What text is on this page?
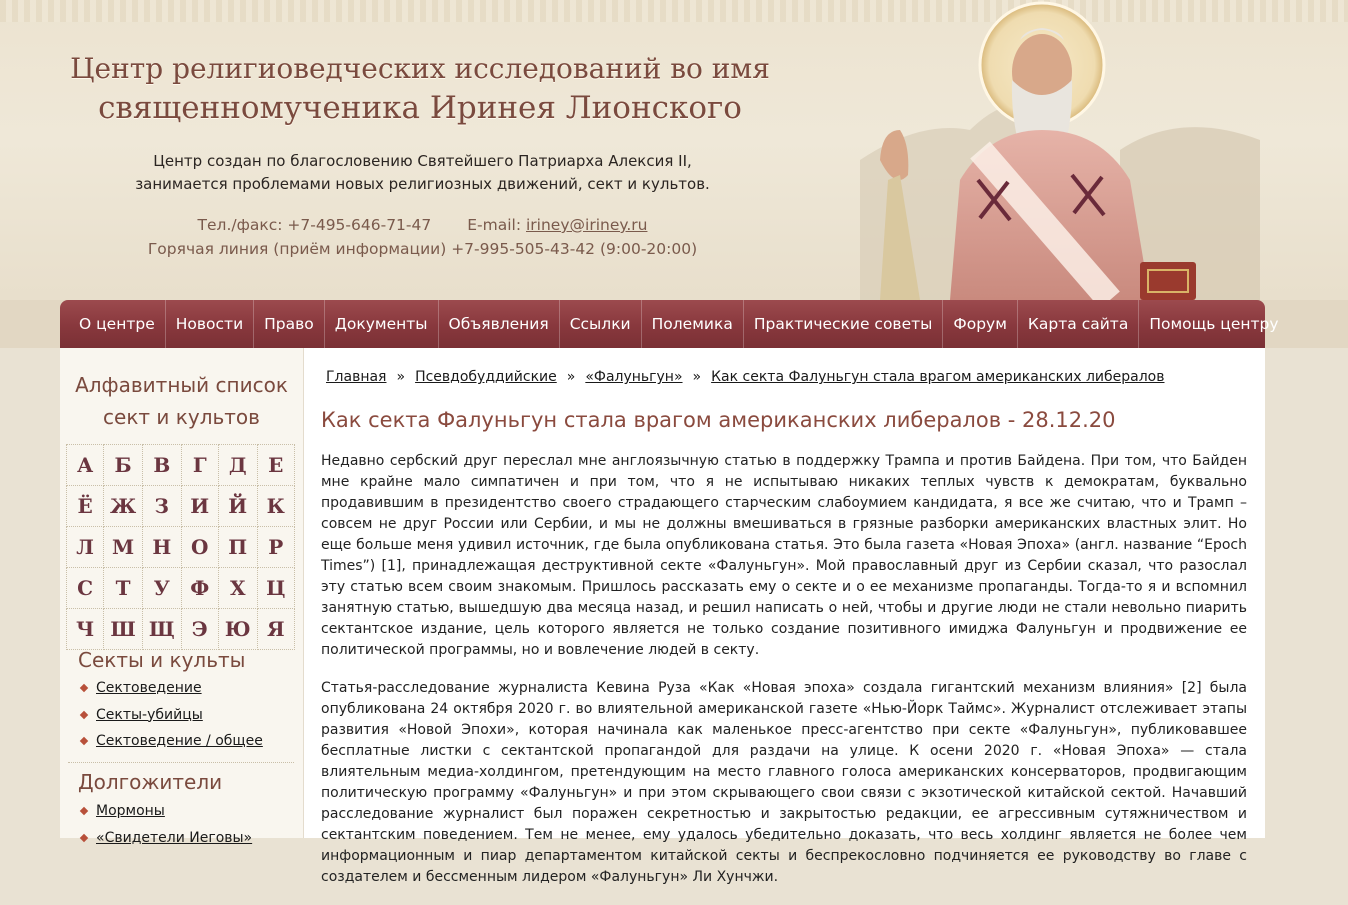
Центр религиоведческих исследований во имя
священномученика Иринея Лионского
Центр создан по благословению Святейшего Патриарха Алексия II,
занимается проблемами новых религиозных движений, сект и культов.
Тел./факс: +7-495-646-71-47 E-mail: iriney@iriney.ru
Горячая линия (приём информации) +7-995-505-43-42 (9:00-20:00)
О центре	Новости	Право	Документы	Объявления	Ссылки	Полемика	Практические советы	Форум	Карта сайта	Помощь центру
Алфавитный список
сект и культов
А	Б	В	Г	Д	Е
Ё	Ж	З	И	Й	К
Л	М	Н	О	П	Р
С	Т	У	Ф	Х	Ц
Ч	Ш	Щ	Э	Ю	Я
Секты и культы
Сектоведение
Секты-убийцы
Сектоведение / общее
Долгожители
Мормоны
«Свидетели Иеговы»
Главная » Псевдобуддийские » «Фалуньгун» » Как секта Фалуньгун стала врагом американских либералов
Как секта Фалуньгун стала врагом американских либералов - 28.12.20

Недавно сербский друг переслал мне англоязычную статью в поддержку Трампа и против Байдена. При том, что Байден мне крайне мало симпатичен и при том, что я не испытываю никаких теплых чувств к демократам, буквально продавившим в президентство своего страдающего старческим слабоумием кандидата, я все же считаю, что и Трамп – совсем не друг России или Сербии, и мы не должны вмешиваться в грязные разборки американских властных элит. Но еще больше меня удивил источник, где была опубликована статья. Это была газета «Новая Эпоха» (англ. название “Epoch Times”) [1], принадлежащая деструктивной секте «Фалуньгун». Мой православный друг из Сербии сказал, что разослал эту статью всем своим знакомым. Пришлось рассказать ему о секте и о ее механизме пропаганды. Тогда-то я и вспомнил занятную статью, вышедшую два месяца назад, и решил написать о ней, чтобы и другие люди не стали невольно пиарить сектантское издание, цель которого является не только создание позитивного имиджа Фалуньгун и продвижение ее политической программы, но и вовлечение людей в секту.

Статья-расследование журналиста Кевина Руза «Как «Новая эпоха» создала гигантский механизм влияния» [2] была опубликована 24 октября 2020 г. во влиятельной американской газете «Нью-Йорк Таймс». Журналист отслеживает этапы развития «Новой Эпохи», которая начинала как маленькое пресс-агентство при секте «Фалуньгун», публиковавшее бесплатные листки с сектантской пропагандой для раздачи на улице. К осени 2020 г. «Новая Эпоха» — стала влиятельным медиа-холдингом, претендующим на место главного голоса американских консерваторов, продвигающим политическую программу «Фалуньгун» и при этом скрывающего свои связи с экзотической китайской сектой. Начавший расследование журналист был поражен секретностью и закрытостью редакции, ее агрессивным сутяжничеством и сектантским поведением. Тем не менее, ему удалось убедительно доказать, что весь холдинг является не более чем информационным и пиар департаментом китайской секты и беспрекословно подчиняется ее руководству во главе с создателем и бессменным лидером «Фалуньгун» Ли Хунчжи.
